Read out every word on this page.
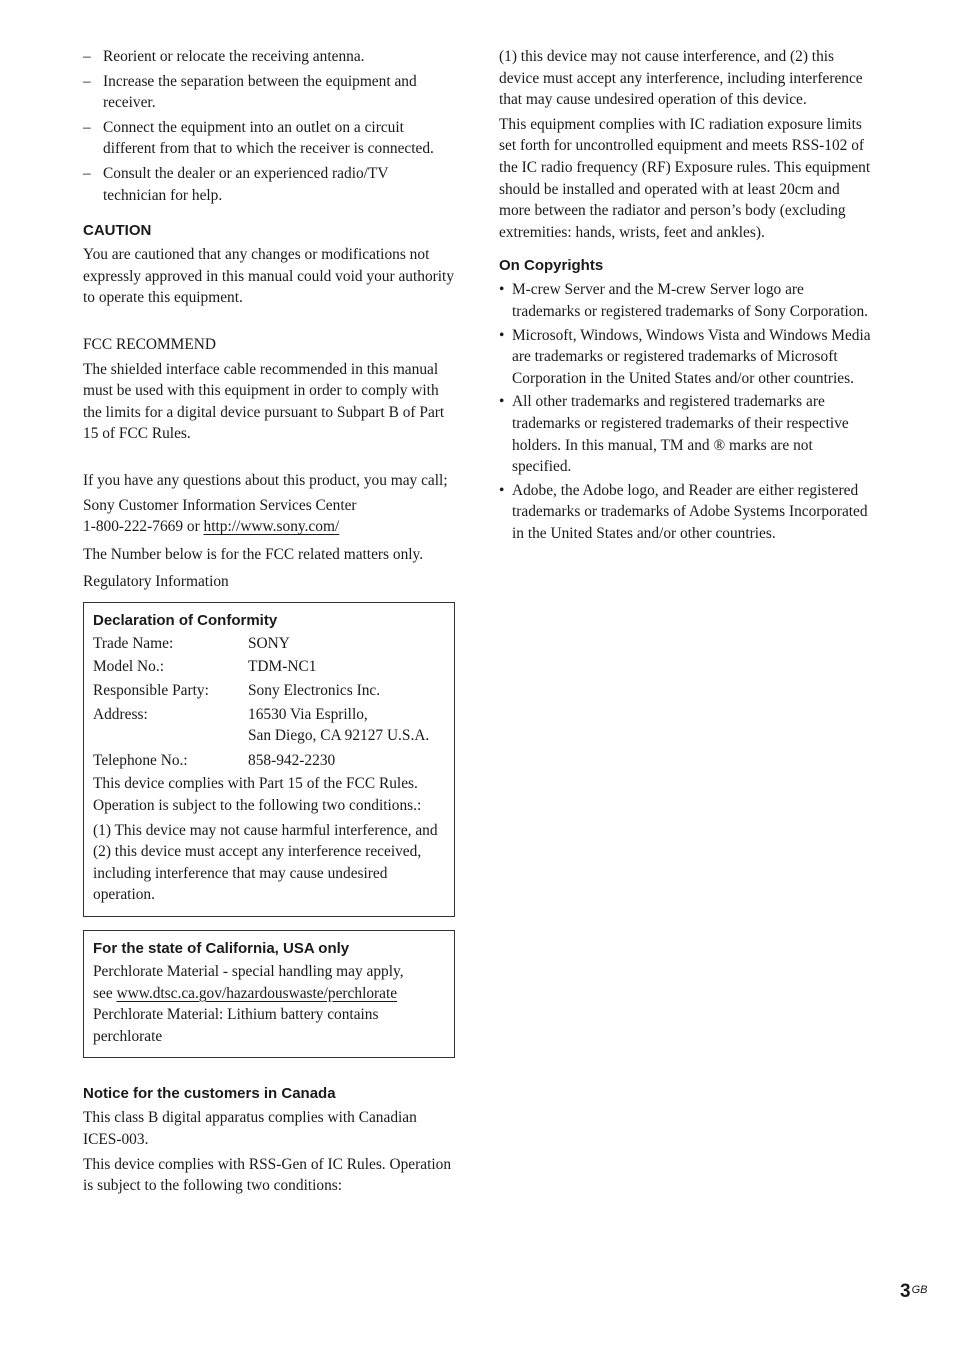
– Reorient or relocate the receiving antenna.
– Increase the separation between the equipment and receiver.
– Connect the equipment into an outlet on a circuit different from that to which the receiver is connected.
– Consult the dealer or an experienced radio/TV technician for help.
CAUTION

You are cautioned that any changes or modifications not expressly approved in this manual could void your authority to operate this equipment.

FCC RECOMMEND

The shielded interface cable recommended in this manual must be used with this equipment in order to comply with the limits for a digital device pursuant to Subpart B of Part 15 of FCC Rules.

If you have any questions about this product, you may call;

Sony Customer Information Services Center
1-800-222-7669 or http://www.sony.com/

The Number below is for the FCC related matters only.

Regulatory Information

Declaration of Conformity
Trade Name:	SONY
Model No.:	TDM-NC1
Responsible Party:	Sony Electronics Inc.
Address:	16530 Via Esprillo,
San Diego, CA 92127 U.S.A.
Telephone No.:	858-942-2230

This device complies with Part 15 of the FCC Rules. Operation is subject to the following two conditions.:

(1) This device may not cause harmful interference, and (2) this device must accept any interference received, including interference that may cause undesired operation.

For the state of California, USA only

Perchlorate Material - special handling may apply,
see www.dtsc.ca.gov/hazardouswaste/perchlorate
Perchlorate Material: Lithium battery contains perchlorate

Notice for the customers in Canada

This class B digital apparatus complies with Canadian ICES-003.

This device complies with RSS-Gen of IC Rules. Operation is subject to the following two conditions:

(1) this device may not cause interference, and (2) this device must accept any interference, including interference that may cause undesired operation of this device.

This equipment complies with IC radiation exposure limits set forth for uncontrolled equipment and meets RSS-102 of the IC radio frequency (RF) Exposure rules. This equipment should be installed and operated with at least 20cm and more between the radiator and person’s body (excluding extremities: hands, wrists, feet and ankles).

On Copyrights
• M-crew Server and the M-crew Server logo are trademarks or registered trademarks of Sony Corporation.
• Microsoft, Windows, Windows Vista and Windows Media are trademarks or registered trademarks of Microsoft Corporation in the United States and/or other countries.
• All other trademarks and registered trademarks are trademarks or registered trademarks of their respective holders. In this manual, TM and ® marks are not specified.
• Adobe, the Adobe logo, and Reader are either registered trademarks or trademarks of Adobe Systems Incorporated in the United States and/or other countries.
$3^{GB}$
